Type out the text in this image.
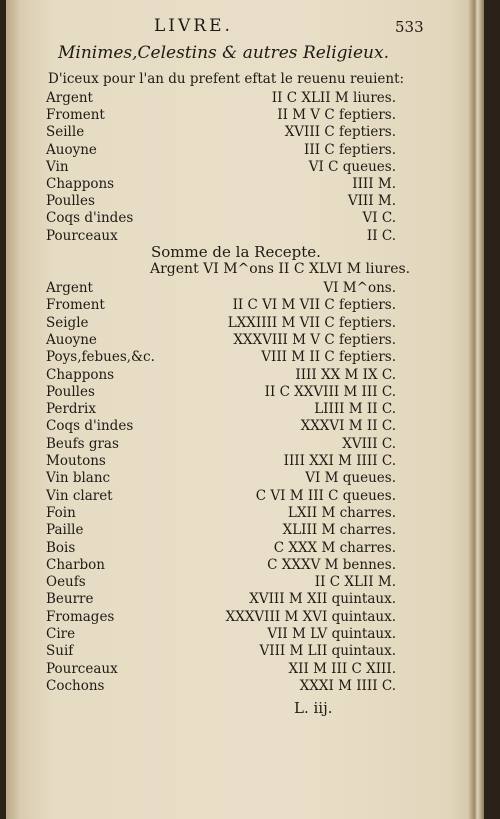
LIVRE.	533
Minimes,Celestins & autres Religieux.
D'iceux pour l'an du prefent eftat le reuenu reuient:
Argent	II C XLII M liures.
Froment	II M V C feptiers.
Seille	XVIII C feptiers.
Auoyne	III C feptiers.
Vin	VI C queues.
Chappons	IIII M.
Poulles	VIII M.
Coqs d'indes	VI C.
Pourceaux	II C.
Somme de la Recepte.
Argent VI M^ons II C XLVI M liures.
Argent	VI M^ons.
Froment	II C VI M VII C feptiers.
Seigle	LXXIIII M VII C feptiers.
Auoyne	XXXVIII M V C feptiers.
Poys,febues,&c.	VIII M II C feptiers.
Chappons	IIII XX M IX C.
Poulles	II C XXVIII M III C.
Perdrix	LIIII M II C.
Coqs d'indes	XXXVI M II C.
Beufs gras	XVIII C.
Moutons	IIII XXI M IIII C.
Vin blanc	VI M queues.
Vin claret	C VI M III C queues.
Foin	LXII M charres.
Paille	XLIII M charres.
Bois	C XXX M charres.
Charbon	C XXXV M bennes.
Oeufs	II C XLII M.
Beurre	XVIII M XII quintaux.
Fromages	XXXVIII M XVI quintaux.
Cire	VII M LV quintaux.
Suif	VIII M LII quintaux.
Pourceaux	XII M III C XIII.
Cochons	XXXI M IIII C.
L. iij.
